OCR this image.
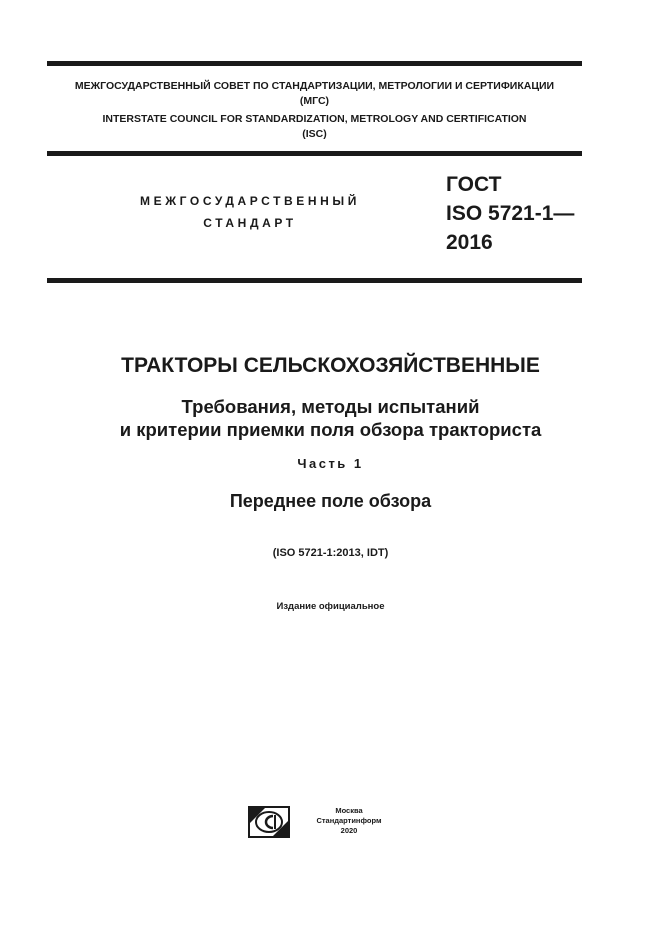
МЕЖГОСУДАРСТВЕННЫЙ СОВЕТ ПО СТАНДАРТИЗАЦИИ, МЕТРОЛОГИИ И СЕРТИФИКАЦИИ
(МГС)
INTERSTATE COUNCIL FOR STANDARDIZATION, METROLOGY AND CERTIFICATION
(ISC)
МЕЖГОСУДАРСТВЕННЫЙ
СТАНДАРТ
ГОСТ
ISO 5721-1—
2016
ТРАКТОРЫ СЕЛЬСКОХОЗЯЙСТВЕННЫЕ
Требования, методы испытаний
и критерии приемки поля обзора тракториста
Часть 1
Переднее поле обзора
(ISO 5721-1:2013, IDT)
Издание официальное
Москва
Стандартинформ
2020
